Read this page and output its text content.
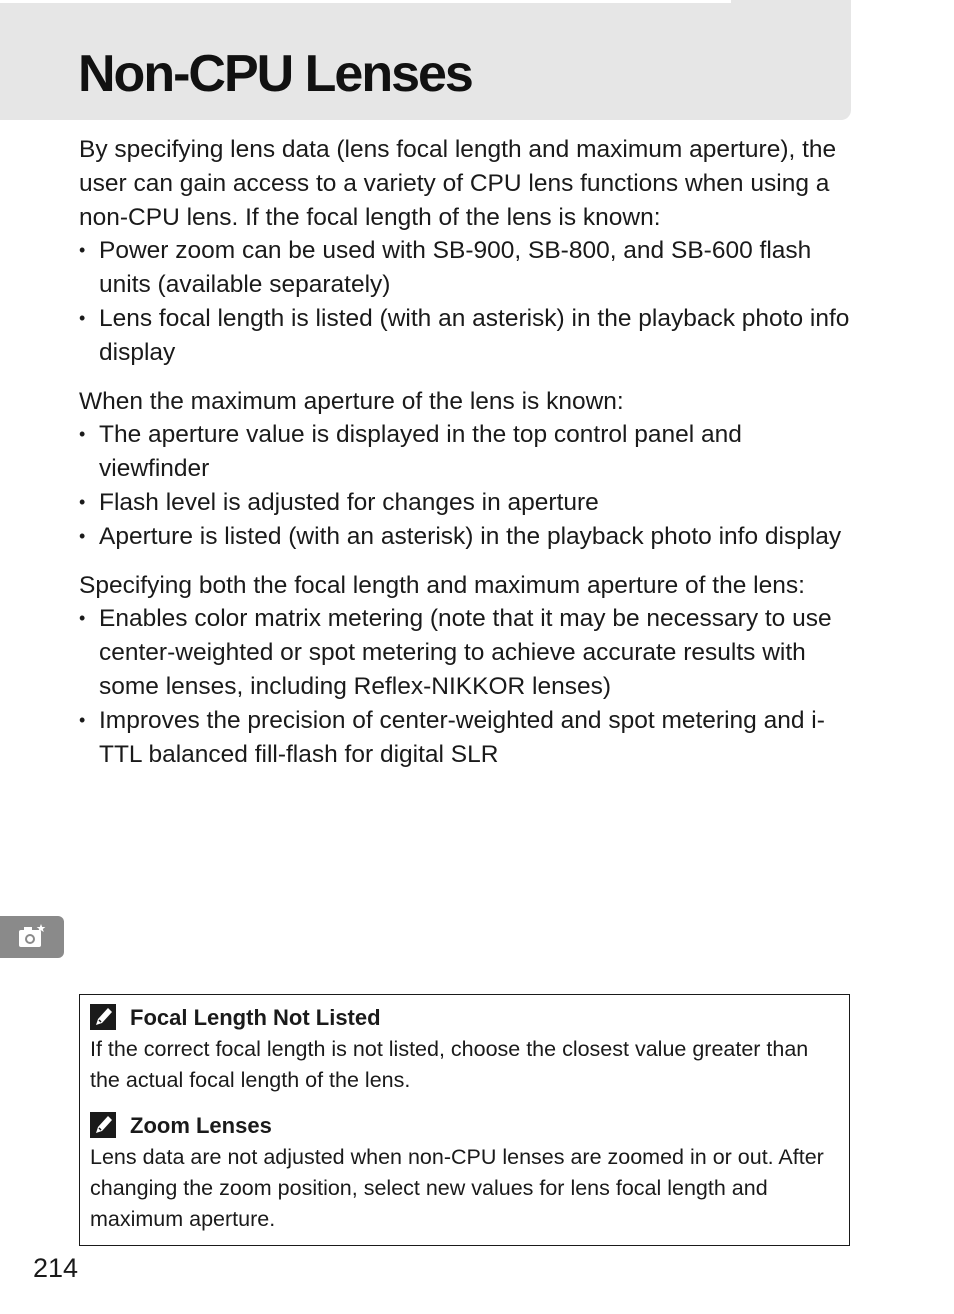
Non-CPU Lenses

By specifying lens data (lens focal length and maximum aperture), the user can gain access to a variety of CPU lens functions when using a non-CPU lens. If the focal length of the lens is known:

• Power zoom can be used with SB-900, SB-800, and SB-600 flash units (available separately)
• Lens focal length is listed (with an asterisk) in the playback photo info display

When the maximum aperture of the lens is known:

• The aperture value is displayed in the top control panel and viewfinder
• Flash level is adjusted for changes in aperture
• Aperture is listed (with an asterisk) in the playback photo info display

Specifying both the focal length and maximum aperture of the lens:

• Enables color matrix metering (note that it may be necessary to use center-weighted or spot metering to achieve accurate results with some lenses, including Reflex-NIKKOR lenses)
• Improves the precision of center-weighted and spot metering and i-TTL balanced fill-flash for digital SLR
Focal Length Not Listed

If the correct focal length is not listed, choose the closest value greater than the actual focal length of the lens.

Zoom Lenses

Lens data are not adjusted when non-CPU lenses are zoomed in or out. After changing the zoom position, select new values for lens focal length and maximum aperture.

214
